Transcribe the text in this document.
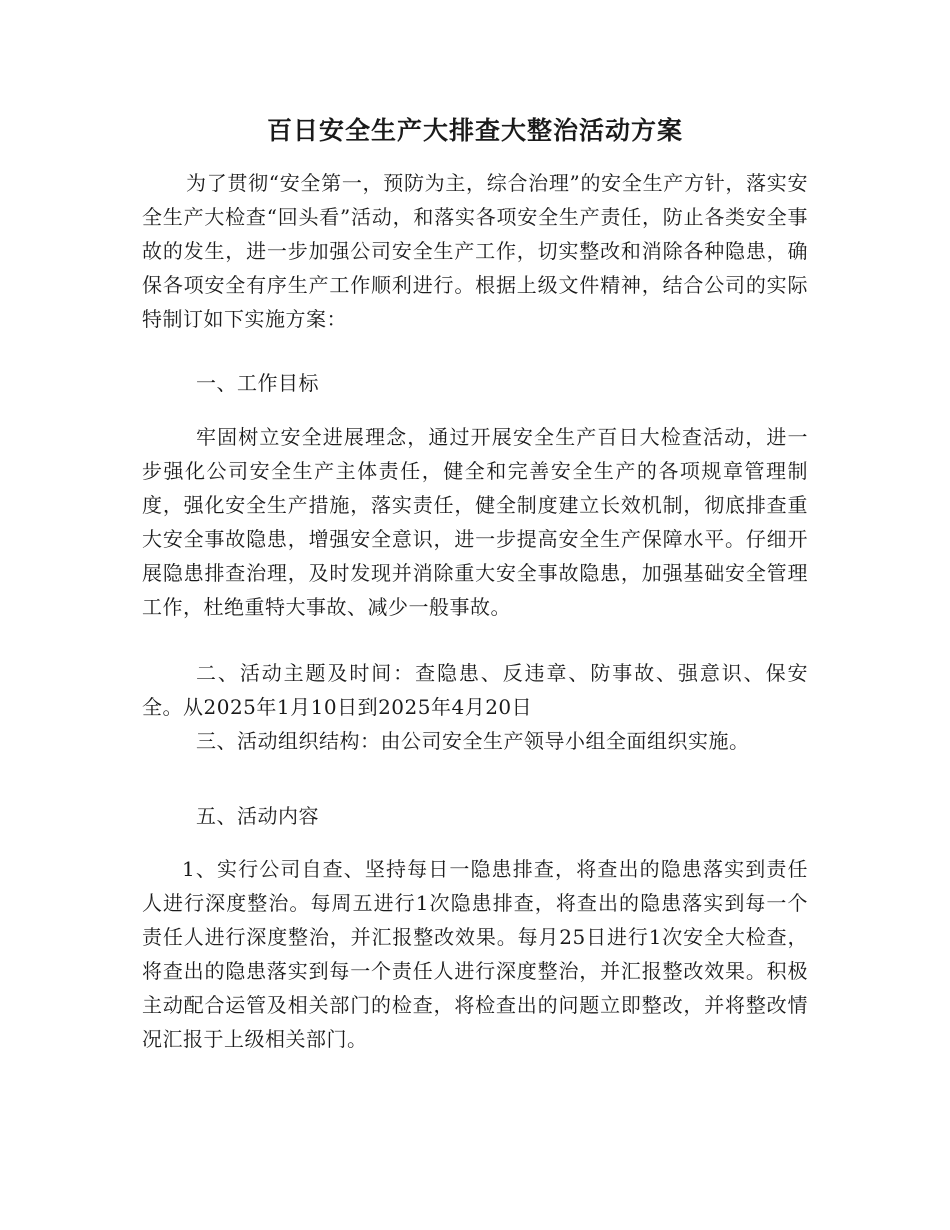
百日安全生产大排查大整治活动方案

为了贯彻“安全第一，预防为主，综合治理”的安全生产方针，落实安全生产大检查“回头看”活动，和落实各项安全生产责任，防止各类安全事故的发生，进一步加强公司安全生产工作，切实整改和消除各种隐患，确保各项安全有序生产工作顺利进行。根据上级文件精神，结合公司的实际特制订如下实施方案：

一、工作目标

牢固树立安全进展理念，通过开展安全生产百日大检查活动，进一步强化公司安全生产主体责任，健全和完善安全生产的各项规章管理制度，强化安全生产措施，落实责任，健全制度建立长效机制，彻底排查重大安全事故隐患，增强安全意识，进一步提高安全生产保障水平。仔细开展隐患排查治理，及时发现并消除重大安全事故隐患，加强基础安全管理工作，杜绝重特大事故、减少一般事故。

二、活动主题及时间：查隐患、反违章、防事故、强意识、保安全。从2025年1月10日到2025年4月20日

三、活动组织结构：由公司安全生产领导小组全面组织实施。

五、活动内容

1、实行公司自查、坚持每日一隐患排查，将查出的隐患落实到责任人进行深度整治。每周五进行1次隐患排查，将查出的隐患落实到每一个责任人进行深度整治，并汇报整改效果。每月25日进行1次安全大检查，将查出的隐患落实到每一个责任人进行深度整治，并汇报整改效果。积极主动配合运管及相关部门的检查，将检查出的问题立即整改，并将整改情况汇报于上级相关部门。
